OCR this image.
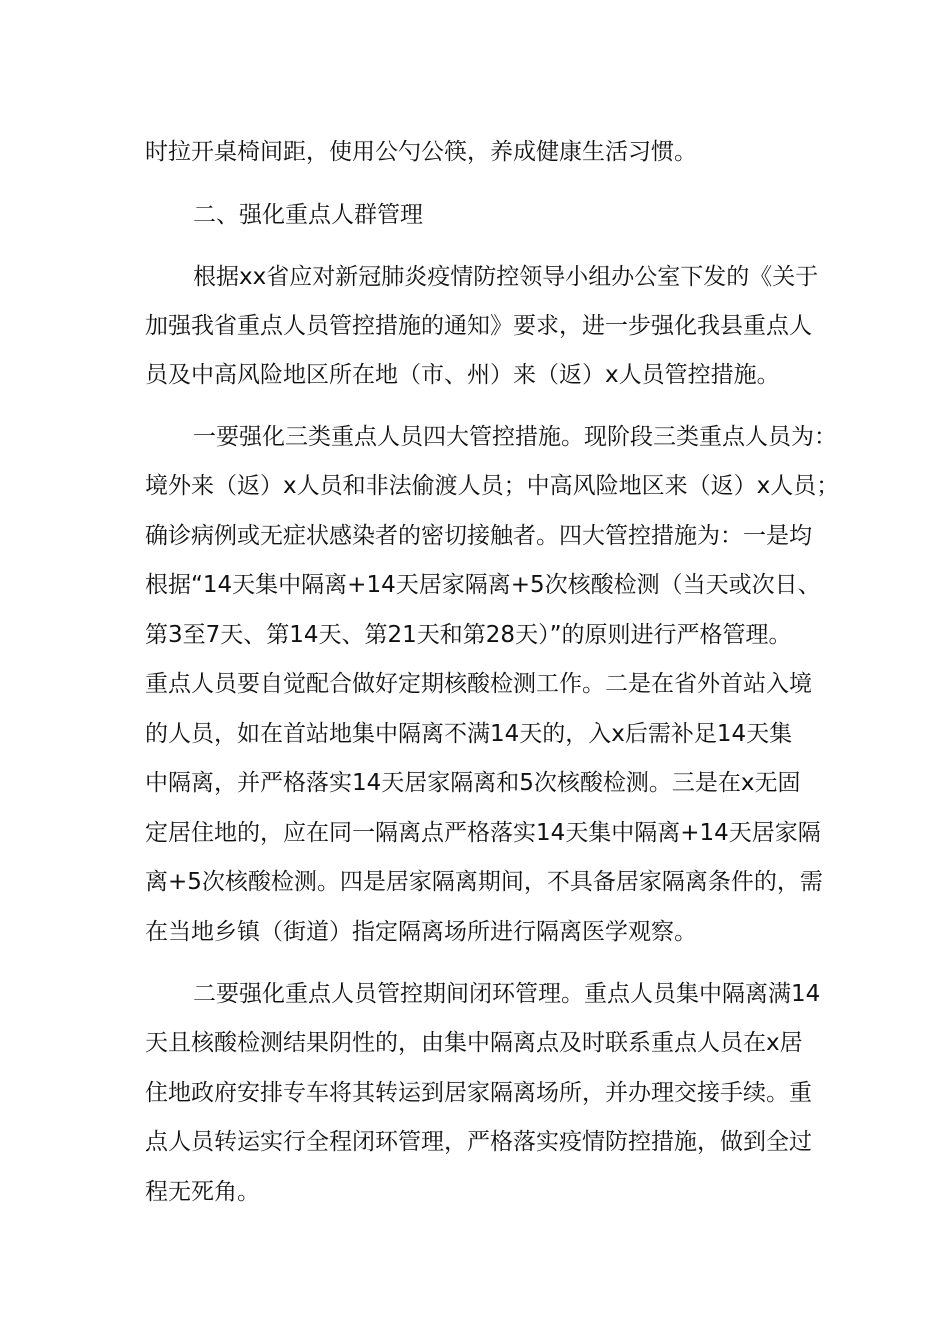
时拉开桌椅间距，使用公勺公筷，养成健康生活习惯。
二、强化重点人群管理
根据xx省应对新冠肺炎疫情防控领导小组办公室下发的《关于
加强我省重点人员管控措施的通知》要求，进一步强化我县重点人
员及中高风险地区所在地（市、州）来（返）x人员管控措施。
一要强化三类重点人员四大管控措施。现阶段三类重点人员为：
境外来（返）x人员和非法偷渡人员；中高风险地区来（返）x人员；
确诊病例或无症状感染者的密切接触者。四大管控措施为：一是均
根据“14天集中隔离+14天居家隔离+5次核酸检测（当天或次日、
第3至7天、第14天、第21天和第28天）”的原则进行严格管理。
重点人员要自觉配合做好定期核酸检测工作。二是在省外首站入境
的人员，如在首站地集中隔离不满14天的，入x后需补足14天集
中隔离，并严格落实14天居家隔离和5次核酸检测。三是在x无固
定居住地的，应在同一隔离点严格落实14天集中隔离+14天居家隔
离+5次核酸检测。四是居家隔离期间，不具备居家隔离条件的，需
在当地乡镇（街道）指定隔离场所进行隔离医学观察。
二要强化重点人员管控期间闭环管理。重点人员集中隔离满14
天且核酸检测结果阴性的，由集中隔离点及时联系重点人员在x居
住地政府安排专车将其转运到居家隔离场所，并办理交接手续。重
点人员转运实行全程闭环管理，严格落实疫情防控措施，做到全过
程无死角。
